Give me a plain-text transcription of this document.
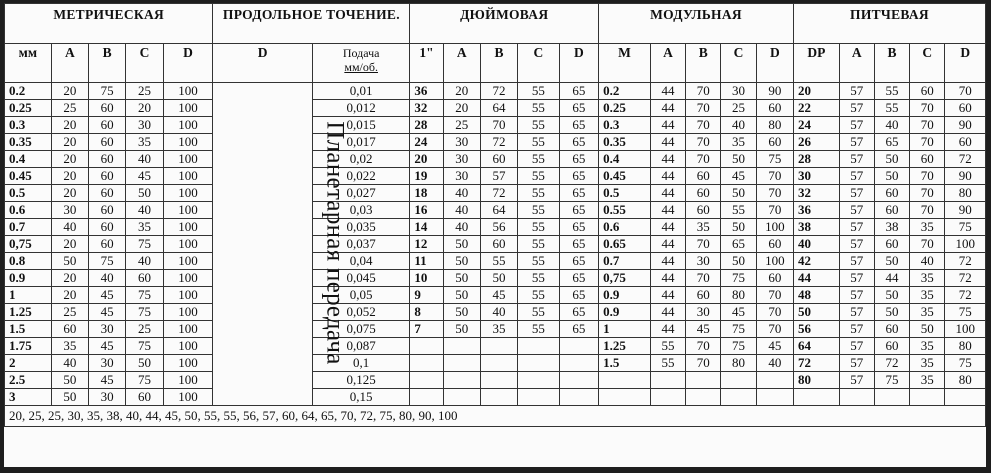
МЕТРИЧЕСКАЯ					ПРОДОЛЬНОЕ ТОЧЕНИЕ.		ДЮЙМОВАЯ					МОДУЛЬНАЯ					ПИТЧЕВАЯ				
мм	A	B	C	D	D	Подача
мм/об.	1"	A	B	C	D	M	A	B	C	D	DP	A	B	C	D
0.2	20	75	25	100	Планетарная передача	0,01	36	20	72	55	65	0.2	44	70	30	90	20	57	55	60	70
0.25	25	60	20	100		0,012	32	20	64	55	65	0.25	44	70	25	60	22	57	55	70	60
0.3	20	60	30	100		0,015	28	25	70	55	65	0.3	44	70	40	80	24	57	40	70	90
0.35	20	60	35	100		0,017	24	30	72	55	65	0.35	44	70	35	60	26	57	65	70	60
0.4	20	60	40	100		0,02	20	30	60	55	65	0.4	44	70	50	75	28	57	50	60	72
0.45	20	60	45	100		0,022	19	30	57	55	65	0.45	44	60	45	70	30	57	50	70	90
0.5	20	60	50	100		0,027	18	40	72	55	65	0.5	44	60	50	70	32	57	60	70	80
0.6	30	60	40	100		0,03	16	40	64	55	65	0.55	44	60	55	70	36	57	60	70	90
0.7	40	60	35	100		0,035	14	40	56	55	65	0.6	44	35	50	100	38	57	38	35	75
0,75	20	60	75	100		0,037	12	50	60	55	65	0.65	44	70	65	60	40	57	60	70	100
0.8	50	75	40	100		0,04	11	50	55	55	65	0.7	44	30	50	100	42	57	50	40	72
0.9	20	40	60	100		0,045	10	50	50	55	65	0,75	44	70	75	60	44	57	44	35	72
1	20	45	75	100		0,05	9	50	45	55	65	0.9	44	60	80	70	48	57	50	35	72
1.25	25	45	75	100		0,052	8	50	40	55	65	0.9	44	30	45	70	50	57	50	35	75
1.5	60	30	25	100		0,075	7	50	35	55	65	1	44	45	75	70	56	57	60	50	100
1.75	35	45	75	100		0,087						1.25	55	70	75	45	64	57	60	35	80
2	40	30	50	100		0,1						1.5	55	70	80	40	72	57	72	35	75
2.5	50	45	75	100		0,125											80	57	75	35	80
3	50	30	60	100		0,15															
20, 25, 25, 30, 35, 38, 40, 44, 45, 50, 55, 55, 56, 57, 60, 64, 65, 70, 72, 75, 80, 90, 100																					
